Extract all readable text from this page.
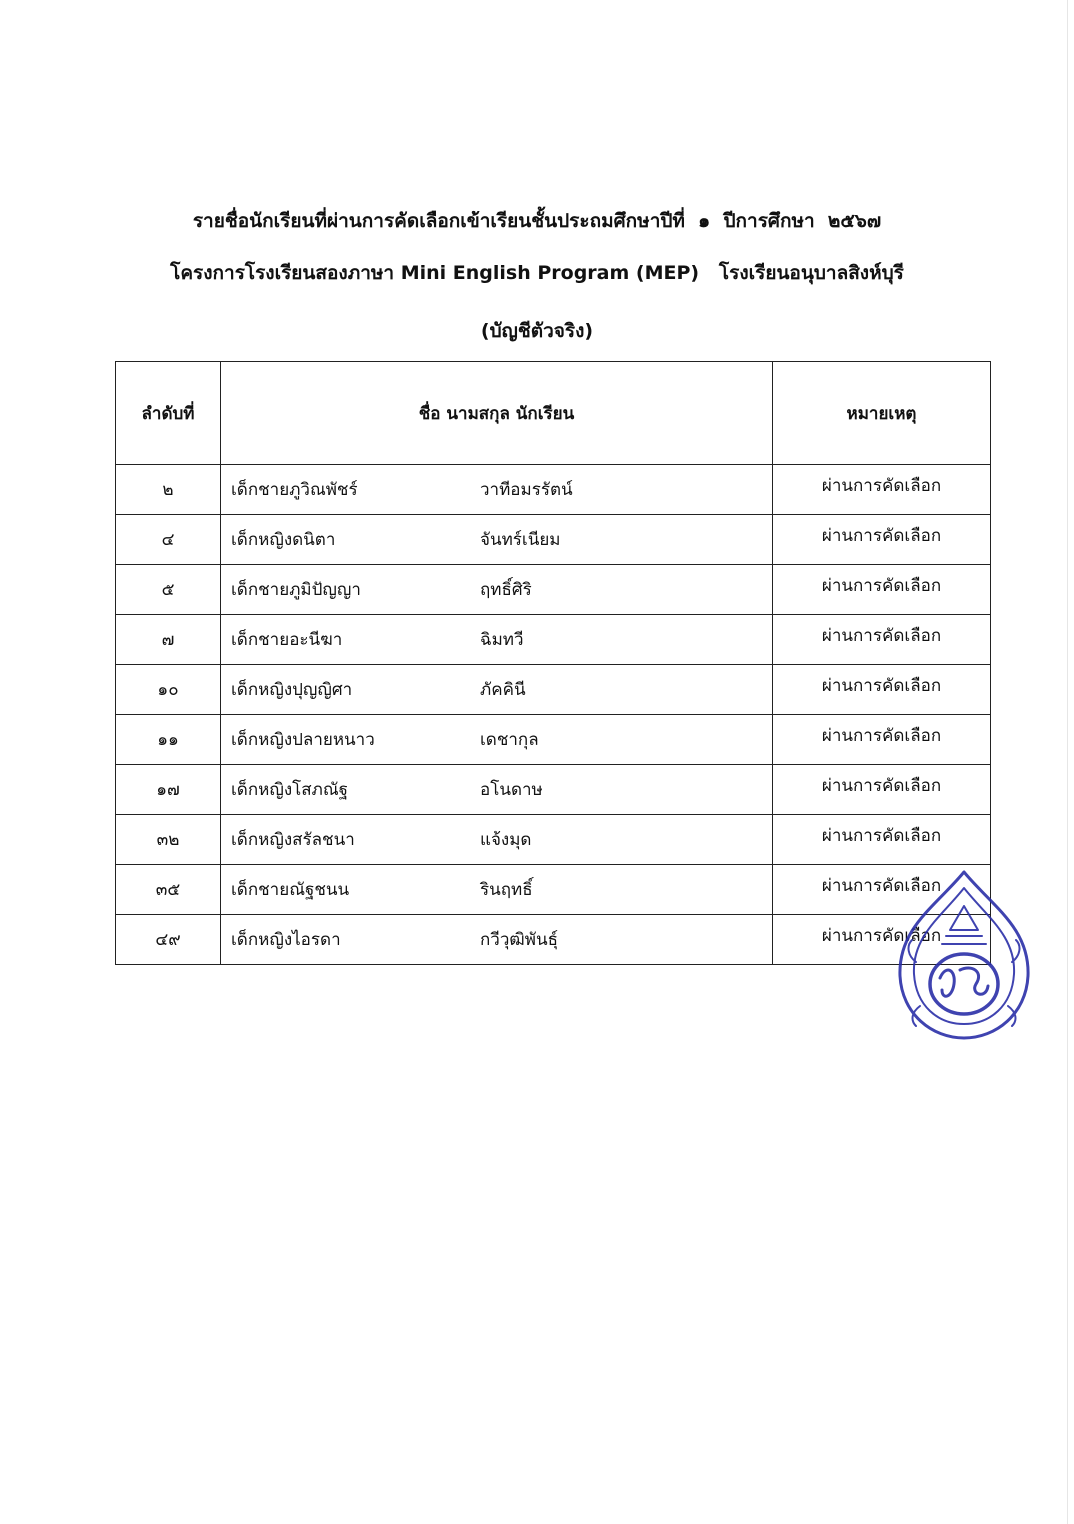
รายชื่อนักเรียนที่ผ่านการคัดเลือกเข้าเรียนชั้นประถมศึกษาปีที่  ๑  ปีการศึกษา  ๒๕๖๗
โครงการโรงเรียนสองภาษา Mini English Program (MEP)   โรงเรียนอนุบาลสิงห์บุรี
(บัญชีตัวจริง)
ลำดับที่	ชื่อ นามสกุล นักเรียน	หมายเหตุ
๒	เด็กชายภูวิณพัชร์ วาทีอมรรัตน์	ผ่านการคัดเลือก
๔	เด็กหญิงดนิตา จันทร์เนียม	ผ่านการคัดเลือก
๕	เด็กชายภูมิปัญญา ฤทธิ์ศิริ	ผ่านการคัดเลือก
๗	เด็กชายอะนีฆา ฉิมทวี	ผ่านการคัดเลือก
๑๐	เด็กหญิงปุญญิศา ภัคคินี	ผ่านการคัดเลือก
๑๑	เด็กหญิงปลายหนาว เดชากุล	ผ่านการคัดเลือก
๑๗	เด็กหญิงโสภณัฐ อโนดาษ	ผ่านการคัดเลือก
๓๒	เด็กหญิงสรัลชนา แจ้งมุด	ผ่านการคัดเลือก
๓๕	เด็กชายณัฐชนน รินฤทธิ์	ผ่านการคัดเลือก
๔๙	เด็กหญิงไอรดา กวีวุฒิพันธุ์	ผ่านการคัดเลือก
